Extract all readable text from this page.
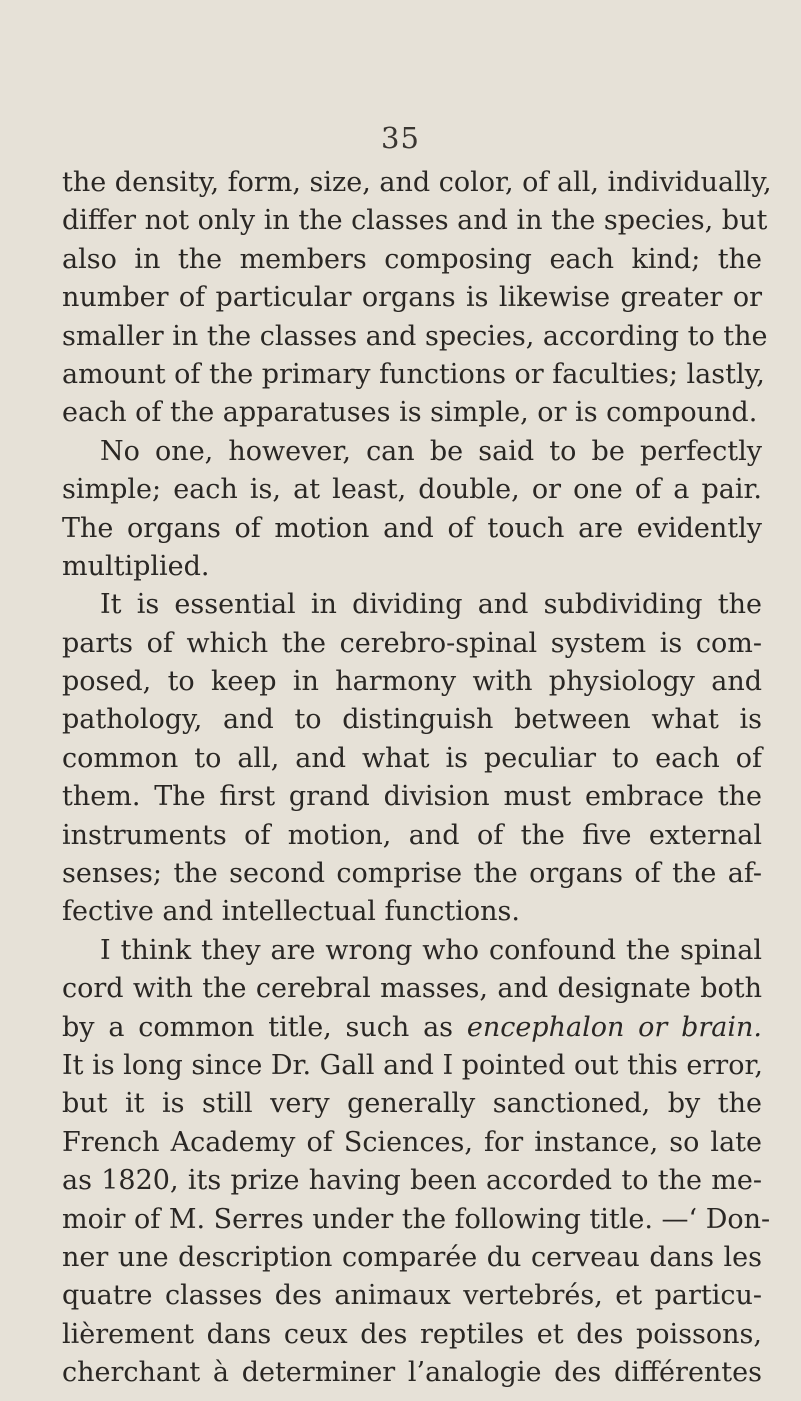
35
the density, form, size, and color, of all, individually,
differ not only in the classes and in the species, but
also in the members composing each kind; the
number of particular organs is likewise greater or
smaller in the classes and species, according to the
amount of the primary functions or faculties; lastly,
each of the apparatuses is simple, or is compound.
No one, however, can be said to be perfectly
simple; each is, at least, double, or one of a pair.
The organs of motion and of touch are evidently
multiplied.
It is essential in dividing and subdividing the
parts of which the cerebro-spinal system is com-
posed, to keep in harmony with physiology and
pathology, and to distinguish between what is
common to all, and what is peculiar to each of
them. The first grand division must embrace the
instruments of motion, and of the five external
senses; the second comprise the organs of the af-
fective and intellectual functions.
I think they are wrong who confound the spinal
cord with the cerebral masses, and designate both
by a common title, such as encephalon or brain.
It is long since Dr. Gall and I pointed out this error,
but it is still very generally sanctioned, by the
French Academy of Sciences, for instance, so late
as 1820, its prize having been accorded to the me-
moir of M. Serres under the following title. —‘ Don-
ner une description comparée du cerveau dans les
quatre classes des animaux vertebrés, et particu-
lièrement dans ceux des reptiles et des poissons,
cherchant à determiner l’analogie des différentes
